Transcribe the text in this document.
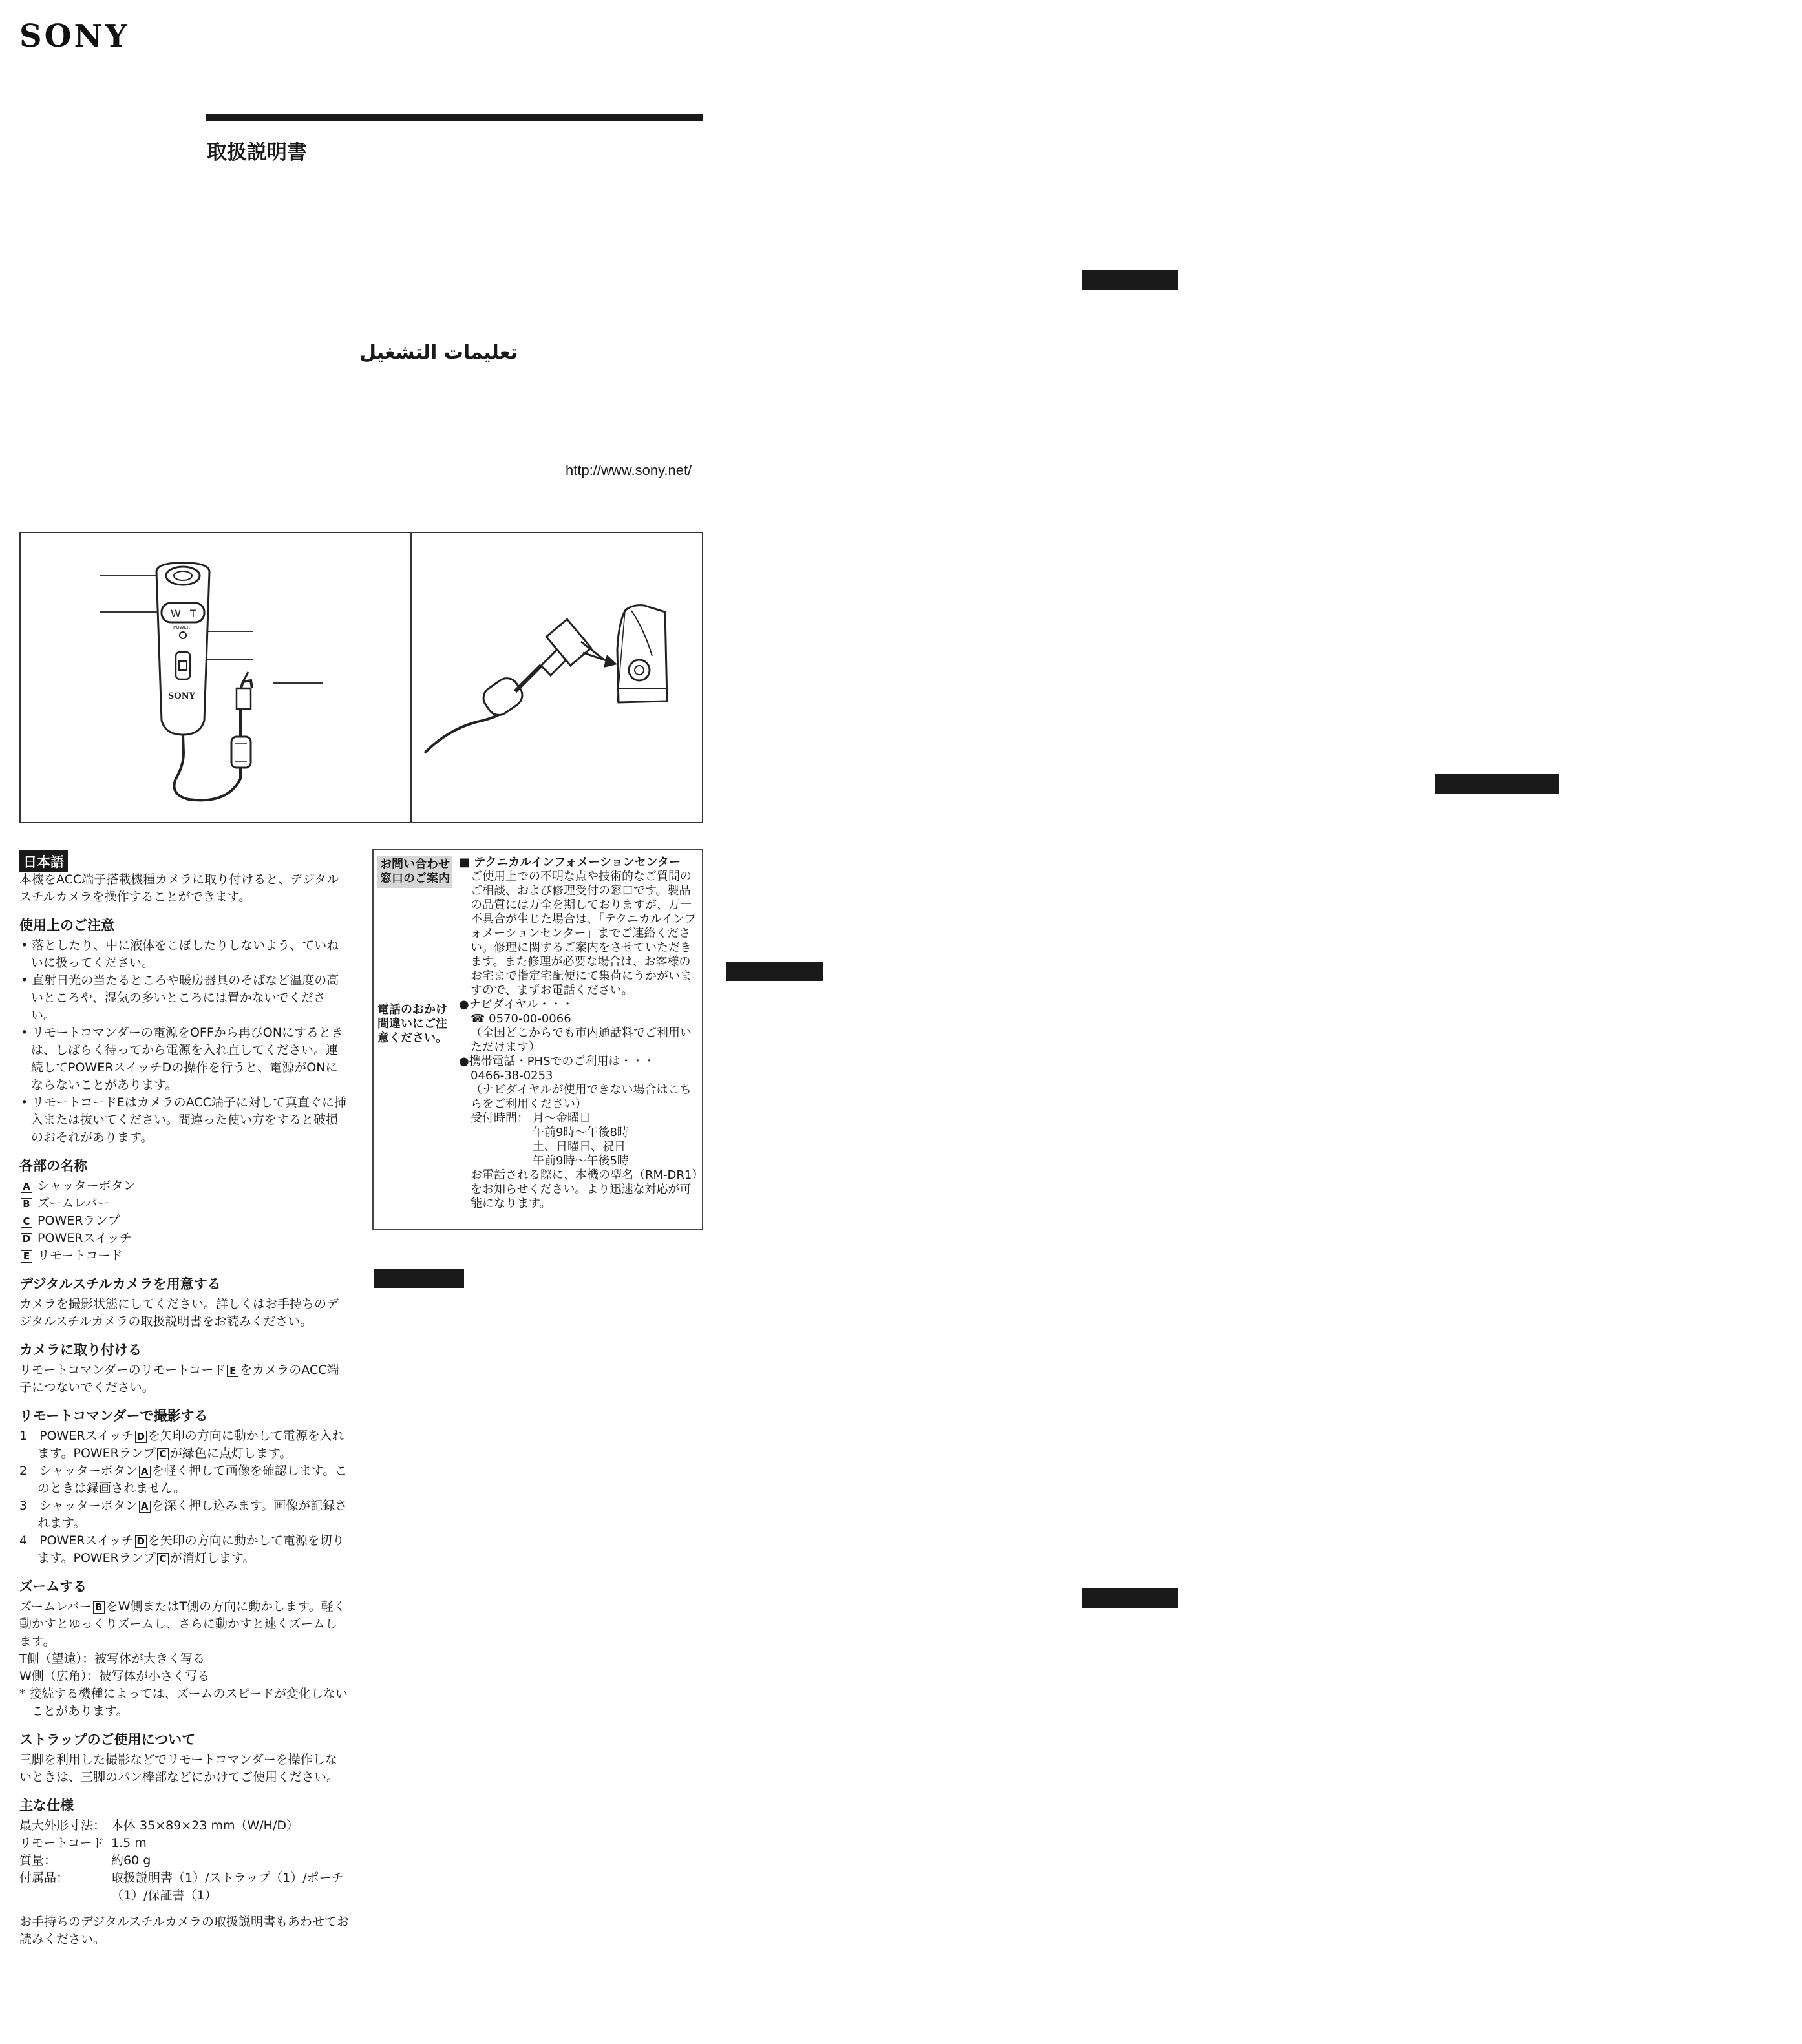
SONY
取扱説明書
تعليمات التشغيل
http://www.sony.net/
W T
POWER
SONY
日本語

本機をACC端子搭載機種カメラに取り付けると、デジタルスチルカメラを操作することができます。

使用上のご注意

• 落としたり、中に液体をこぼしたりしないよう、ていねいに扱ってください。

• 直射日光の当たるところや暖房器具のそばなど温度の高いところや、湿気の多いところには置かないでください。

• リモートコマンダーの電源をOFFから再びONにするときは、しばらく待ってから電源を入れ直してください。連続してPOWERスイッチDの操作を行うと、電源がONにならないことがあります。

• リモートコードEはカメラのACC端子に対して真直ぐに挿入または抜いてください。間違った使い方をすると破損のおそれがあります。

各部の名称

A シャッターボタン

B ズームレバー

C POWERランプ

D POWERスイッチ

E リモートコード

デジタルスチルカメラを用意する

カメラを撮影状態にしてください。詳しくはお手持ちのデジタルスチルカメラの取扱説明書をお読みください。

カメラに取り付ける

リモートコマンダーのリモートコード E をカメラのACC端子につないでください。

リモートコマンダーで撮影する

1　 POWERスイッチ D を矢印の方向に動かして電源を入れます。POWERランプ C が緑色に点灯します。

2　 シャッターボタン A を軽く押して画像を確認します。このときは録画されません。

3　 シャッターボタン A を深く押し込みます。画像が記録されます。

4　 POWERスイッチ D を矢印の方向に動かして電源を切ります。POWERランプ C が消灯します。

ズームする

ズームレバー B をW側またはT側の方向に動かします。軽く動かすとゆっくりズームし、さらに動かすと速くズームします。

T側（望遠）：被写体が大きく写る

W側（広角）：被写体が小さく写る

* 接続する機種によっては、ズームのスピードが変化しないことがあります。

ストラップのご使用について

三脚を利用した撮影などでリモートコマンダーを操作しないときは、三脚のパン棒部などにかけてご使用ください。

主な仕様
最大外形寸法： 本体 35×89×23 mm（W/H/D）
リモートコード 1.5 m
質量：	約60 g
付属品：	取扱説明書（1）/ストラップ（1）/ポーチ（1）/保証書（1）

お手持ちのデジタルスチルカメラの取扱説明書もあわせてお読みください。

お問い合わせ窓口のご案内
電話のおかけ間違いにご注意ください。

■ テクニカルインフォメーションセンター

ご使用上での不明な点や技術的なご質問のご相談、および修理受付の窓口です。製品の品質には万全を期しておりますが、万一不具合が生じた場合は、「テクニカルインフォメーションセンター」までご連絡ください。修理に関するご案内をさせていただきます。また修理が必要な場合は、お客様のお宅まで指定宅配便にて集荷にうかがいますので、まずお電話ください。

●ナビダイヤル・・・

☎ 0570-00-0066

（全国どこからでも市内通話料でご利用いただけます）

●携帯電話・PHSでのご利用は・・・

0466-38-0253

（ナビダイヤルが使用できない場合はこちらをご利用ください）

受付時間： 月～金曜日
午前9時～午後8時
土、日曜日、祝日
午前9時～午後5時

お電話される際に、本機の型名（RM-DR1）をお知らせください。より迅速な対応が可能になります。
